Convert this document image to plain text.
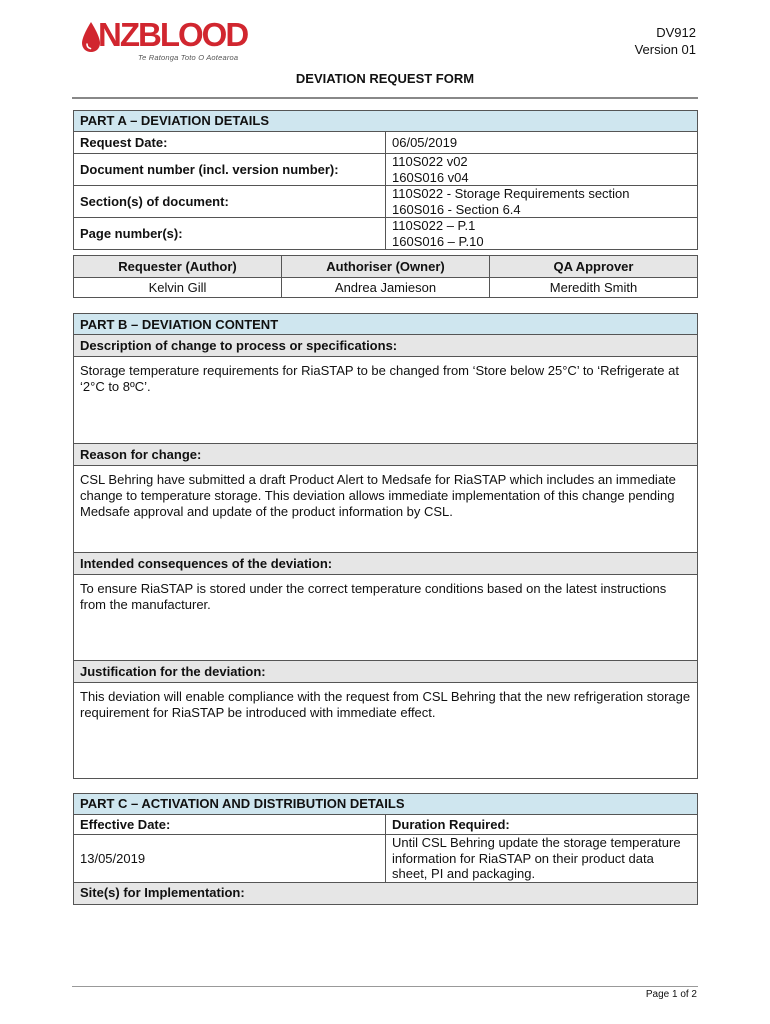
NZBLOOD
Te Ratonga Toto O Aotearoa
DV912
Version 01
DEVIATION REQUEST FORM
PART A – DEVIATION DETAILS	
Request Date:	06/05/2019
Document number (incl. version number):	110S022 v02
160S016 v04

Section(s) of document:	110S022 - Storage Requirements section
160S016 - Section 6.4

Page number(s):	110S022 – P.1
160S016 – P.10
Requester (Author)	Authoriser (Owner)	QA Approver
Kelvin Gill	Andrea Jamieson	Meredith Smith
PART B – DEVIATION CONTENT
Description of change to process or specifications:
Storage temperature requirements for RiaSTAP to be changed from ‘Store below 25°C’ to ‘Refrigerate at ‘2°C to 8ºC’.
Reason for change:
CSL Behring have submitted a draft Product Alert to Medsafe for RiaSTAP which includes an immediate change to temperature storage. This deviation allows immediate implementation of this change pending Medsafe approval and update of the product information by CSL.
Intended consequences of the deviation:
To ensure RiaSTAP is stored under the correct temperature conditions based on the latest instructions from the manufacturer.
Justification for the deviation:
This deviation will enable compliance with the request from CSL Behring that the new refrigeration storage requirement for RiaSTAP be introduced with immediate effect.
PART C – ACTIVATION AND DISTRIBUTION DETAILS	
Effective Date:	Duration Required:
13/05/2019	Until CSL Behring update the storage temperature information for RiaSTAP on their product data sheet, PI and packaging.
Site(s) for Implementation:	
Page 1 of 2
